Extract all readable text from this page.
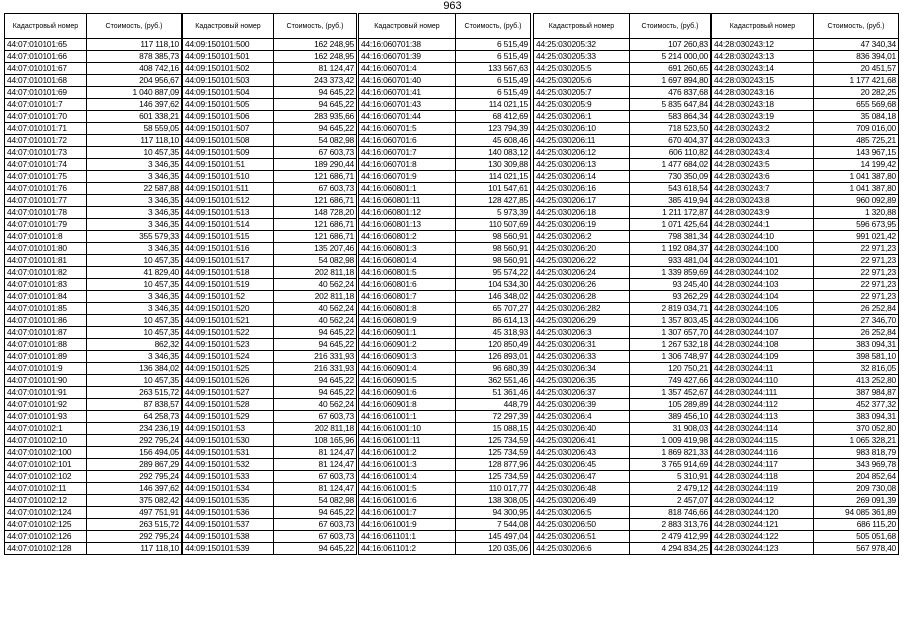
963
Кадастровый номер	Стоимость, (руб.)
44:07:010101:65	117 118,10
44:07:010101:66	878 385,73
44:07:010101:67	408 742,16
44:07:010101:68	204 956,67
44:07:010101:69	1 040 887,09
44:07:010101:7	146 397,62
44:07:010101:70	601 338,21
44:07:010101:71	58 559,05
44:07:010101:72	117 118,10
44:07:010101:73	10 457,35
44:07:010101:74	3 346,35
44:07:010101:75	3 346,35
44:07:010101:76	22 587,88
44:07:010101:77	3 346,35
44:07:010101:78	3 346,35
44:07:010101:79	3 346,35
44:07:010101:8	355 579,33
44:07:010101:80	3 346,35
44:07:010101:81	10 457,35
44:07:010101:82	41 829,40
44:07:010101:83	10 457,35
44:07:010101:84	3 346,35
44:07:010101:85	3 346,35
44:07:010101:86	10 457,35
44:07:010101:87	10 457,35
44:07:010101:88	862,32
44:07:010101:89	3 346,35
44:07:010101:9	136 384,02
44:07:010101:90	10 457,35
44:07:010101:91	263 515,72
44:07:010101:92	87 838,57
44:07:010101:93	64 258,73
44:07:010102:1	234 236,19
44:07:010102:10	292 795,24
44:07:010102:100	156 494,05
44:07:010102:101	289 867,29
44:07:010102:102	292 795,24
44:07:010102:11	146 397,62
44:07:010102:12	375 082,42
44:07:010102:124	497 751,91
44:07:010102:125	263 515,72
44:07:010102:126	292 795,24
44:07:010102:128	117 118,10
Кадастровый номер	Стоимость, (руб.)
44:09:150101:500	162 248,95
44:09:150101:501	162 248,95
44:09:150101:502	81 124,47
44:09:150101:503	243 373,42
44:09:150101:504	94 645,22
44:09:150101:505	94 645,22
44:09:150101:506	283 935,66
44:09:150101:507	94 645,22
44:09:150101:508	54 082,98
44:09:150101:509	67 603,73
44:09:150101:51	189 290,44
44:09:150101:510	121 686,71
44:09:150101:511	67 603,73
44:09:150101:512	121 686,71
44:09:150101:513	148 728,20
44:09:150101:514	121 686,71
44:09:150101:515	121 686,71
44:09:150101:516	135 207,46
44:09:150101:517	54 082,98
44:09:150101:518	202 811,18
44:09:150101:519	40 562,24
44:09:150101:52	202 811,18
44:09:150101:520	40 562,24
44:09:150101:521	40 562,24
44:09:150101:522	94 645,22
44:09:150101:523	94 645,22
44:09:150101:524	216 331,93
44:09:150101:525	216 331,93
44:09:150101:526	94 645,22
44:09:150101:527	94 645,22
44:09:150101:528	40 562,24
44:09:150101:529	67 603,73
44:09:150101:53	202 811,18
44:09:150101:530	108 165,96
44:09:150101:531	81 124,47
44:09:150101:532	81 124,47
44:09:150101:533	67 603,73
44:09:150101:534	81 124,47
44:09:150101:535	54 082,98
44:09:150101:536	94 645,22
44:09:150101:537	67 603,73
44:09:150101:538	67 603,73
44:09:150101:539	94 645,22
Кадастровый номер	Стоимость, (руб.)
44:16:060701:38	6 515,49
44:16:060701:39	6 515,49
44:16:060701:4	133 567,63
44:16:060701:40	6 515,49
44:16:060701:41	6 515,49
44:16:060701:43	114 021,15
44:16:060701:44	68 412,69
44:16:060701:5	123 794,39
44:16:060701:6	45 608,46
44:16:060701:7	140 083,12
44:16:060701:8	130 309,88
44:16:060701:9	114 021,15
44:16:060801:1	101 547,61
44:16:060801:11	128 427,85
44:16:060801:12	5 973,39
44:16:060801:13	110 507,69
44:16:060801:2	98 560,91
44:16:060801:3	98 560,91
44:16:060801:4	98 560,91
44:16:060801:5	95 574,22
44:16:060801:6	104 534,30
44:16:060801:7	146 348,02
44:16:060801:8	65 707,27
44:16:060801:9	86 614,13
44:16:060901:1	45 318,93
44:16:060901:2	120 850,49
44:16:060901:3	126 893,01
44:16:060901:4	96 680,39
44:16:060901:5	362 551,46
44:16:060901:6	51 361,46
44:16:060901:8	448,79
44:16:061001:1	72 297,39
44:16:061001:10	15 088,15
44:16:061001:11	125 734,59
44:16:061001:2	125 734,59
44:16:061001:3	128 877,96
44:16:061001:4	125 734,59
44:16:061001:5	110 017,77
44:16:061001:6	138 308,05
44:16:061001:7	94 300,95
44:16:061001:9	7 544,08
44:16:061101:1	145 497,04
44:16:061101:2	120 035,06
Кадастровый номер	Стоимость, (руб.)
44:25:030205:32	107 260,83
44:25:030205:33	5 214 000,00
44:25:030205:5	691 260,65
44:25:030205:6	1 697 894,80
44:25:030205:7	476 837,68
44:25:030205:9	5 835 647,84
44:25:030206:1	583 864,34
44:25:030206:10	718 523,50
44:25:030206:11	670 404,37
44:25:030206:12	606 110,82
44:25:030206:13	1 477 684,02
44:25:030206:14	730 350,09
44:25:030206:16	543 618,54
44:25:030206:17	385 419,94
44:25:030206:18	1 211 172,87
44:25:030206:19	1 071 425,64
44:25:030206:2	798 381,34
44:25:030206:20	1 192 084,37
44:25:030206:22	933 481,04
44:25:030206:24	1 339 859,69
44:25:030206:26	93 245,40
44:25:030206:28	93 262,29
44:25:030206:282	2 819 034,71
44:25:030206:29	1 357 803,45
44:25:030206:3	1 307 657,70
44:25:030206:31	1 267 532,18
44:25:030206:33	1 306 748,97
44:25:030206:34	120 750,21
44:25:030206:35	749 427,66
44:25:030206:37	1 357 452,67
44:25:030206:39	105 289,89
44:25:030206:4	389 456,10
44:25:030206:40	31 908,03
44:25:030206:41	1 009 419,98
44:25:030206:43	1 869 821,33
44:25:030206:45	3 765 914,69
44:25:030206:47	5 310,91
44:25:030206:48	2 479,12
44:25:030206:49	2 457,07
44:25:030206:5	818 746,66
44:25:030206:50	2 883 313,76
44:25:030206:51	2 479 412,99
44:25:030206:6	4 294 834,25
Кадастровый номер	Стоимость, (руб.)
44:28:030243:12	47 340,34
44:28:030243:13	836 394,01
44:28:030243:14	20 451,57
44:28:030243:15	1 177 421,68
44:28:030243:16	20 282,25
44:28:030243:18	655 569,68
44:28:030243:19	35 084,18
44:28:030243:2	709 016,00
44:28:030243:3	485 725,21
44:28:030243:4	143 967,15
44:28:030243:5	14 199,42
44:28:030243:6	1 041 387,80
44:28:030243:7	1 041 387,80
44:28:030243:8	960 092,89
44:28:030243:9	1 320,88
44:28:030244:1	596 673,95
44:28:030244:10	991 021,42
44:28:030244:100	22 971,23
44:28:030244:101	22 971,23
44:28:030244:102	22 971,23
44:28:030244:103	22 971,23
44:28:030244:104	22 971,23
44:28:030244:105	26 252,84
44:28:030244:106	27 346,70
44:28:030244:107	26 252,84
44:28:030244:108	383 094,31
44:28:030244:109	398 581,10
44:28:030244:11	32 816,05
44:28:030244:110	413 252,80
44:28:030244:111	387 984,87
44:28:030244:112	452 377,32
44:28:030244:113	383 094,31
44:28:030244:114	370 052,80
44:28:030244:115	1 065 328,21
44:28:030244:116	983 818,79
44:28:030244:117	343 969,78
44:28:030244:118	204 852,64
44:28:030244:119	209 730,08
44:28:030244:12	269 091,39
44:28:030244:120	94 085 361,89
44:28:030244:121	686 115,20
44:28:030244:122	505 051,68
44:28:030244:123	567 978,40
